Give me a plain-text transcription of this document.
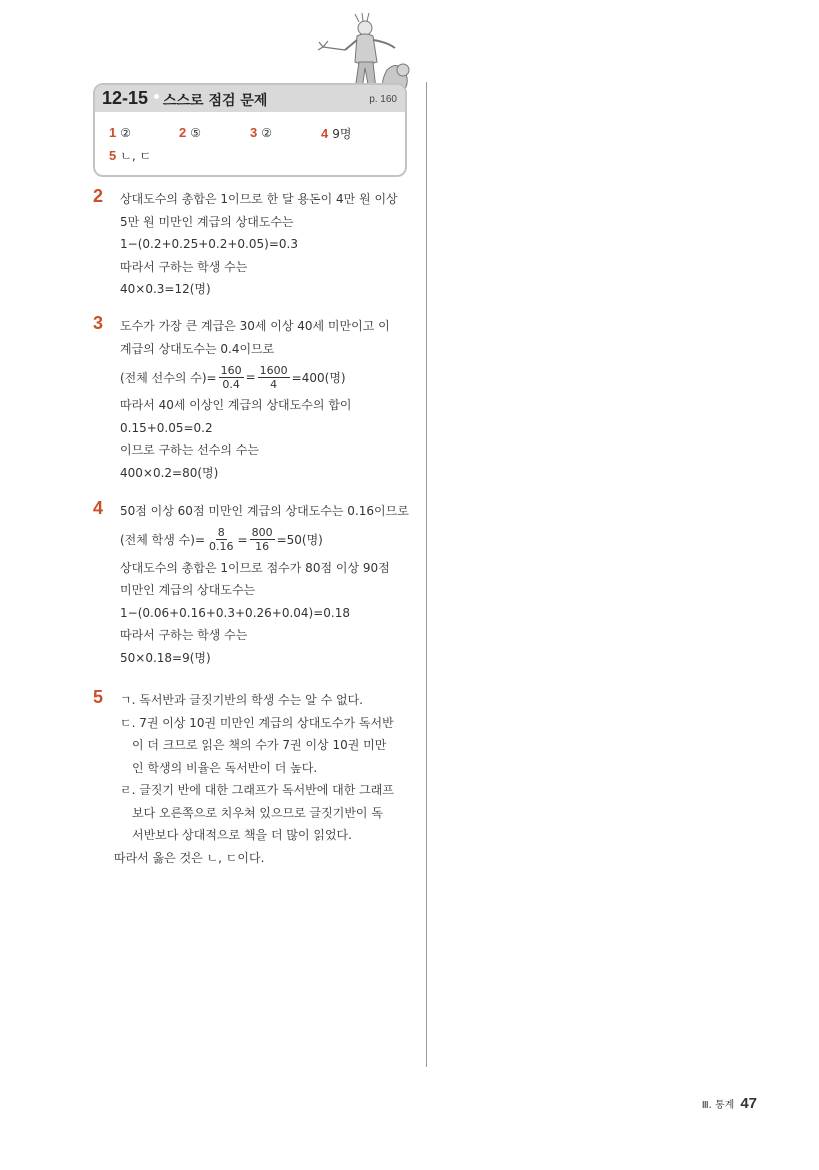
12-15 스스로 점검 문제	p. 160
1 ②	2 ⑤	3 ②	4 9명
5 ㄴ, ㄷ
2 상대도수의 총합은 1이므로 한 달 용돈이 4만 원 이상
5만 원 미만인 계급의 상대도수는
1−(0.2+0.25+0.2+0.05)=0.3
따라서 구하는 학생 수는
40×0.3=12(명)
3 도수가 가장 큰 계급은 30세 이상 40세 미만이고 이
계급의 상대도수는 0.4이므로
(전체 선수의 수)= $\frac{160}{0.4} = \frac{1600}{4} =400$(명)
따라서 40세 이상인 계급의 상대도수의 합이
0.15+0.05=0.2
이므로 구하는 선수의 수는
400×0.2=80(명)
4 50점 이상 60점 미만인 계급의 상대도수는 0.16이므로
(전체 학생 수)= $\frac{8}{0.16} = \frac{800}{16} =50$(명)
상대도수의 총합은 1이므로 점수가 80점 이상 90점
미만인 계급의 상대도수는
1−(0.06+0.16+0.3+0.26+0.04)=0.18
따라서 구하는 학생 수는
50×0.18=9(명)
5 ㄱ. 독서반과 글짓기반의 학생 수는 알 수 없다.
ㄷ. 7권 이상 10권 미만인 계급의 상대도수가 독서반
이 더 크므로 읽은 책의 수가 7권 이상 10권 미만
인 학생의 비율은 독서반이 더 높다.
ㄹ. 글짓기 반에 대한 그래프가 독서반에 대한 그래프
보다 오른쪽으로 치우쳐 있으므로 글짓기반이 독
서반보다 상대적으로 책을 더 많이 읽었다.
따라서 옳은 것은 ㄴ, ㄷ이다.
Ⅲ. 통계 47
